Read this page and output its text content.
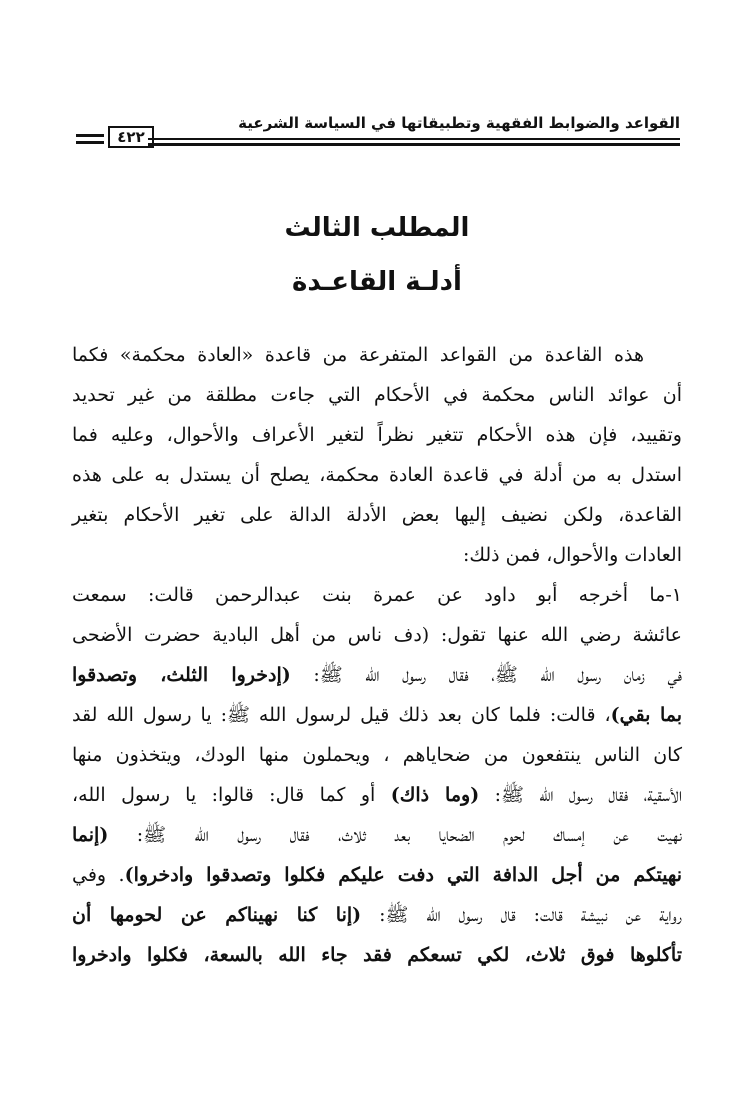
القواعد والضوابط الفقهية وتطبيقاتها في السياسة الشرعية
٤٢٢
المطلب الثالث
أدلـة القاعـدة
هذه القاعدة من القواعد المتفرعة من قاعدة «العادة محكمة» فكما
أن عوائد الناس محكمة في الأحكام التي جاءت مطلقة من غير تحديد
وتقييد، فإن هذه الأحكام تتغير نظراً لتغير الأعراف والأحوال، وعليه فما
استدل به من أدلة في قاعدة العادة محكمة، يصلح أن يستدل به على هذه
القاعدة، ولكن نضيف إليها بعض الأدلة الدالة على تغير الأحكام بتغير
العادات والأحوال، فمن ذلك:
١-ما أخرجه أبو داود عن عمرة بنت عبدالرحمن قالت: سمعت
عائشة رضي الله عنها تقول: (دف ناس من أهل البادية حضرت الأضحى
في زمان رسول الله ﷺ، فقال رسول الله ﷺ: (إدخروا الثلث، وتصدقوا
بما بقي)، قالت: فلما كان بعد ذلك قيل لرسول الله ﷺ: يا رسول الله لقد
كان الناس ينتفعون من ضحاياهم ، ويحملون منها الودك، ويتخذون منها
الأسقية، فقال رسول الله ﷺ: (وما ذاك) أو كما قال: قالوا: يا رسول الله،
نهيت عن إمساك لحوم الضحايا بعد ثلاث، فقال رسول الله ﷺ: (إنما
نهيتكم من أجل الدافة التي دفت عليكم فكلوا وتصدقوا وادخروا). وفي
رواية عن نبيشة قالت: قال رسول الله ﷺ: (إنا كنا نهيناكم عن لحومها أن
تأكلوها فوق ثلاث، لكي تسعكم فقد جاء الله بالسعة، فكلوا وادخروا
